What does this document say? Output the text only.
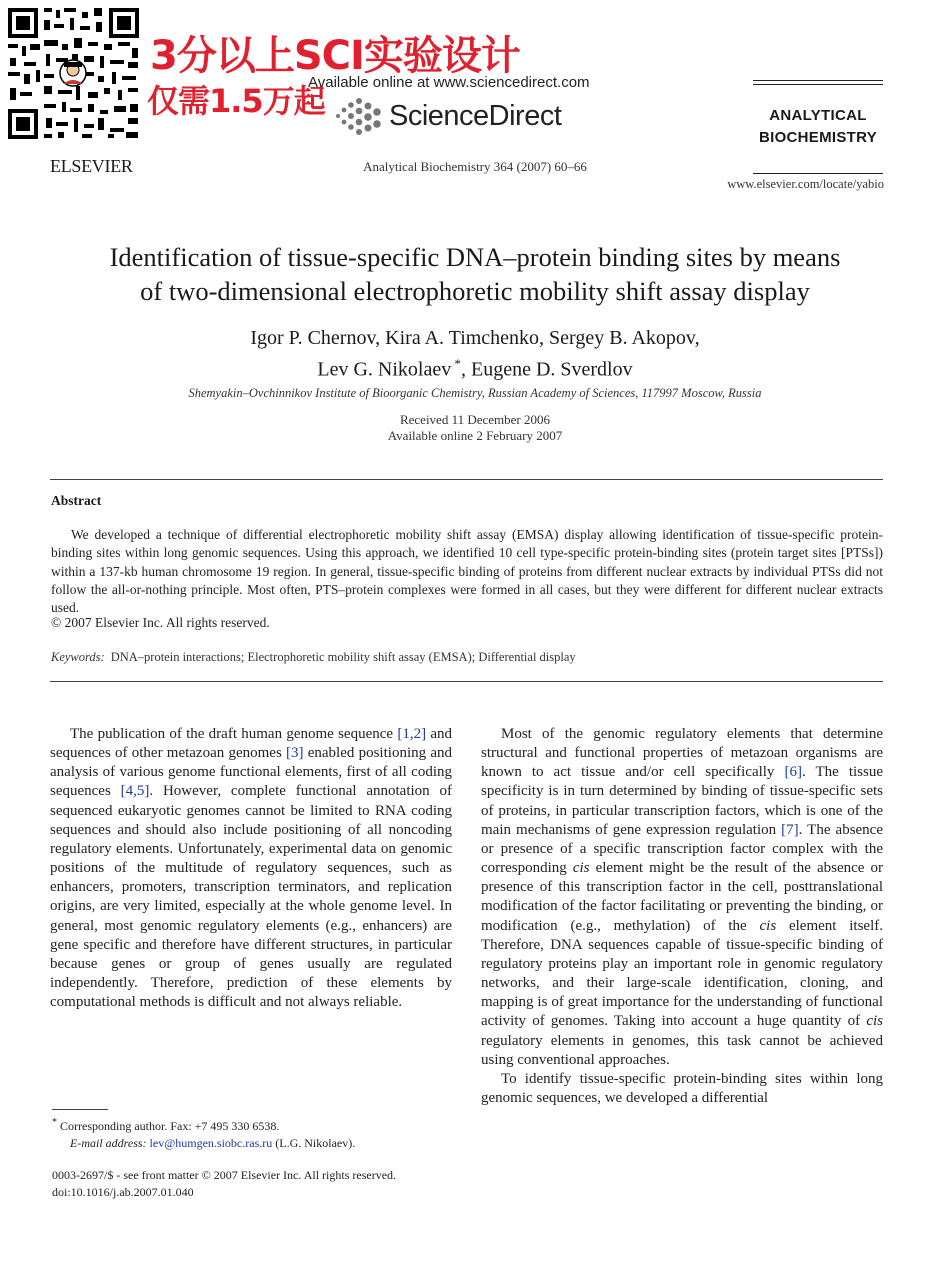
3分以上SCI实验设计
仅需1.5万起
Available online at www.sciencedirect.com
ScienceDirect
ELSEVIER	Analytical Biochemistry 364 (2007) 60–66
ANALYTICAL
BIOCHEMISTRY
www.elsevier.com/locate/yabio
Identification of tissue-specific DNA–protein binding sites by means
of two-dimensional electrophoretic mobility shift assay display
Igor P. Chernov, Kira A. Timchenko, Sergey B. Akopov,
Lev G. Nikolaev *, Eugene D. Sverdlov
Shemyakin–Ovchinnikov Institute of Bioorganic Chemistry, Russian Academy of Sciences, 117997 Moscow, Russia
Received 11 December 2006
Available online 2 February 2007
Abstract

We developed a technique of differential electrophoretic mobility shift assay (EMSA) display allowing identification of tissue-specific protein-binding sites within long genomic sequences. Using this approach, we identified 10 cell type-specific protein-binding sites (protein target sites [PTSs]) within a 137-kb human chromosome 19 region. In general, tissue-specific binding of proteins from different nuclear extracts by individual PTSs did not follow the all-or-nothing principle. Most often, PTS–protein complexes were formed in all cases, but they were different for different nuclear extracts used.

© 2007 Elsevier Inc. All rights reserved.
Keywords: DNA–protein interactions; Electrophoretic mobility shift assay (EMSA); Differential display

The publication of the draft human genome sequence [1,2] and sequences of other metazoan genomes [3] enabled positioning and analysis of various genome functional elements, first of all coding sequences [4,5]. However, complete functional annotation of sequenced eukaryotic genomes cannot be limited to RNA coding sequences and should also include positioning of all noncoding regulatory elements. Unfortunately, experimental data on genomic positions of the multitude of regulatory sequences, such as enhancers, promoters, transcription terminators, and replication origins, are very limited, especially at the whole genome level. In general, most genomic regulatory elements (e.g., enhancers) are gene specific and therefore have different structures, in particular because genes or group of genes usually are regulated independently. Therefore, prediction of these elements by computational methods is difficult and not always reliable.

Most of the genomic regulatory elements that determine structural and functional properties of metazoan organisms are known to act tissue and/or cell specifically [6]. The tissue specificity is in turn determined by binding of tissue-specific sets of proteins, in particular transcription factors, which is one of the main mechanisms of gene expression regulation [7]. The absence or presence of a specific transcription factor complex with the corresponding cis element might be the result of the absence or presence of this transcription factor in the cell, posttranslational modification of the factor facilitating or preventing the binding, or modification (e.g., methylation) of the cis element itself. Therefore, DNA sequences capable of tissue-specific binding of regulatory proteins play an important role in genomic regulatory networks, and their large-scale identification, cloning, and mapping is of great importance for the understanding of functional activity of genomes. Taking into account a huge quantity of cis regulatory elements in genomes, this task cannot be achieved using conventional approaches.

To identify tissue-specific protein-binding sites within long genomic sequences, we developed a differential

* Corresponding author. Fax: +7 495 330 6538.
E-mail address: lev@humgen.siobc.ras.ru (L.G. Nikolaev).
0003-2697/$ - see front matter © 2007 Elsevier Inc. All rights reserved.
doi:10.1016/j.ab.2007.01.040
